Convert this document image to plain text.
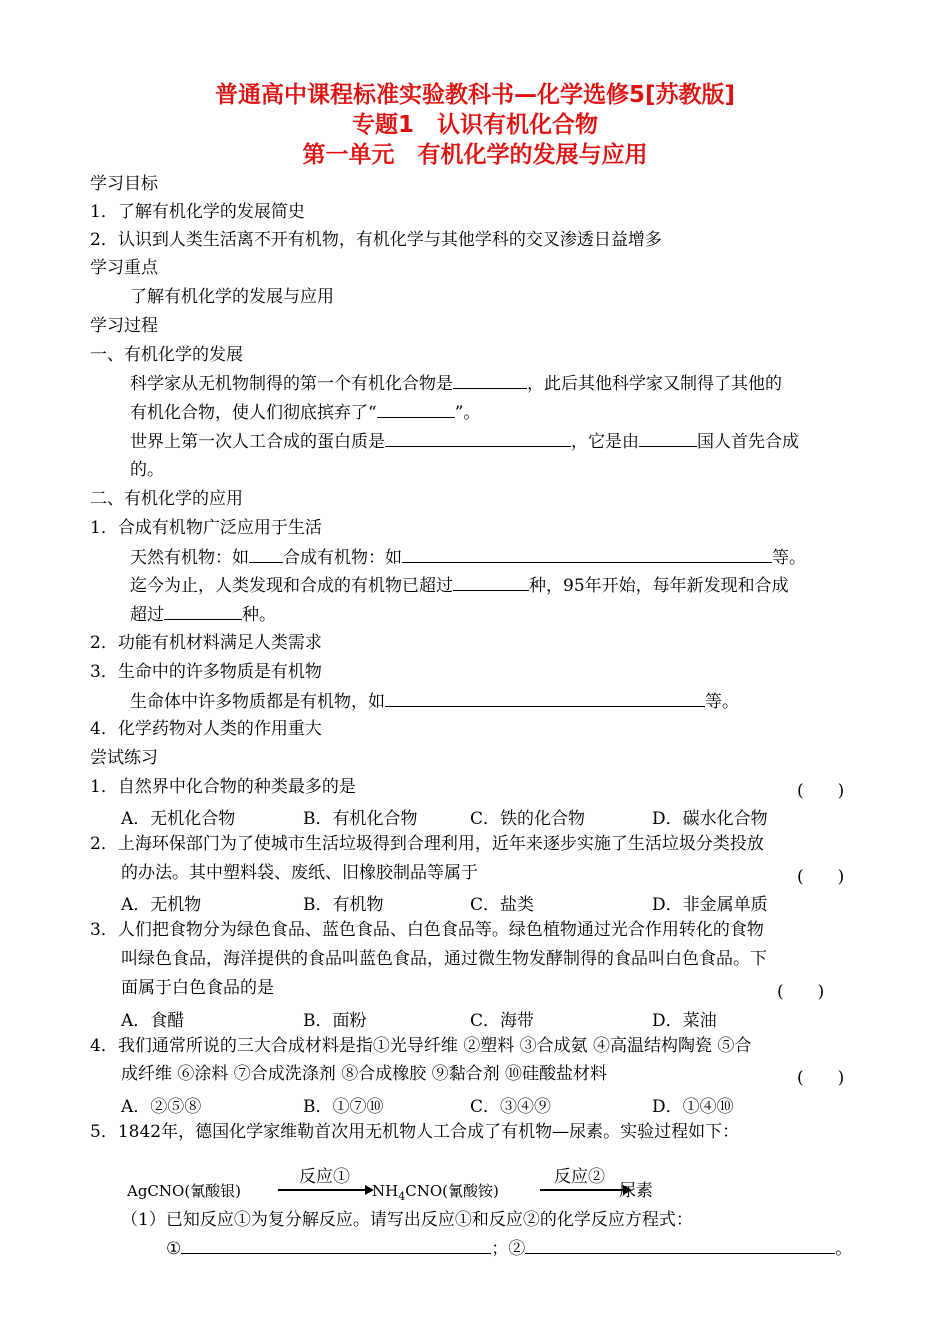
普通高中课程标准实验教科书—化学选修5[苏教版]
专题1　认识有机化合物
第一单元　有机化学的发展与应用
学习目标
1．了解有机化学的发展简史
2．认识到人类生活离不开有机物，有机化学与其他学科的交叉渗透日益增多
学习重点
了解有机化学的发展与应用
学习过程
一、有机化学的发展
科学家从无机物制得的第一个有机化合物是	，此后其他科学家又制得了其他的
有机化合物，使人们彻底摈弃了“	”。
世界上第一次人工合成的蛋白质是	，它是由	国人首先合成
的。
二、有机化学的应用
1．合成有机物广泛应用于生活
天然有机物：如 合成有机物：如	等。
迄今为止，人类发现和合成的有机物已超过	种，95年开始，每年新发现和合成
超过	种。
2．功能有机材料满足人类需求
3．生命中的许多物质是有机物
生命体中许多物质都是有机物，如	等。
4．化学药物对人类的作用重大
尝试练习
1．自然界中化合物的种类最多的是	(　　)
A．无机化合物	B．有机化合物	C．铁的化合物	D．碳水化合物
2．上海环保部门为了使城市生活垃圾得到合理利用，近年来逐步实施了生活垃圾分类投放
的办法。其中塑料袋、废纸、旧橡胶制品等属于	(　　)
A．无机物	B．有机物	C．盐类	D．非金属单质
3．人们把食物分为绿色食品、蓝色食品、白色食品等。绿色植物通过光合作用转化的食物
叫绿色食品，海洋提供的食品叫蓝色食品，通过微生物发酵制得的食品叫白色食品。下
面属于白色食品的是	(　　)
A．食醋	B．面粉	C．海带	D．菜油
4．我们通常所说的三大合成材料是指①光导纤维 ②塑料 ③合成氨 ④高温结构陶瓷 ⑤合
成纤维 ⑥涂料 ⑦合成洗涤剂 ⑧合成橡胶 ⑨黏合剂 ⑩硅酸盐材料	(　　)
A．②⑤⑧	B．①⑦⑩	C．③④⑨	D．①④⑩
5．1842年，德国化学家维勒首次用无机物人工合成了有机物—尿素。实验过程如下：
AgCNO(氰酸银)
反应①
$NH_4CNO$(氰酸铵)
反应②
尿素
（1）已知反应①为复分解反应。请写出反应①和反应②的化学反应方程式：
①	；②	。
